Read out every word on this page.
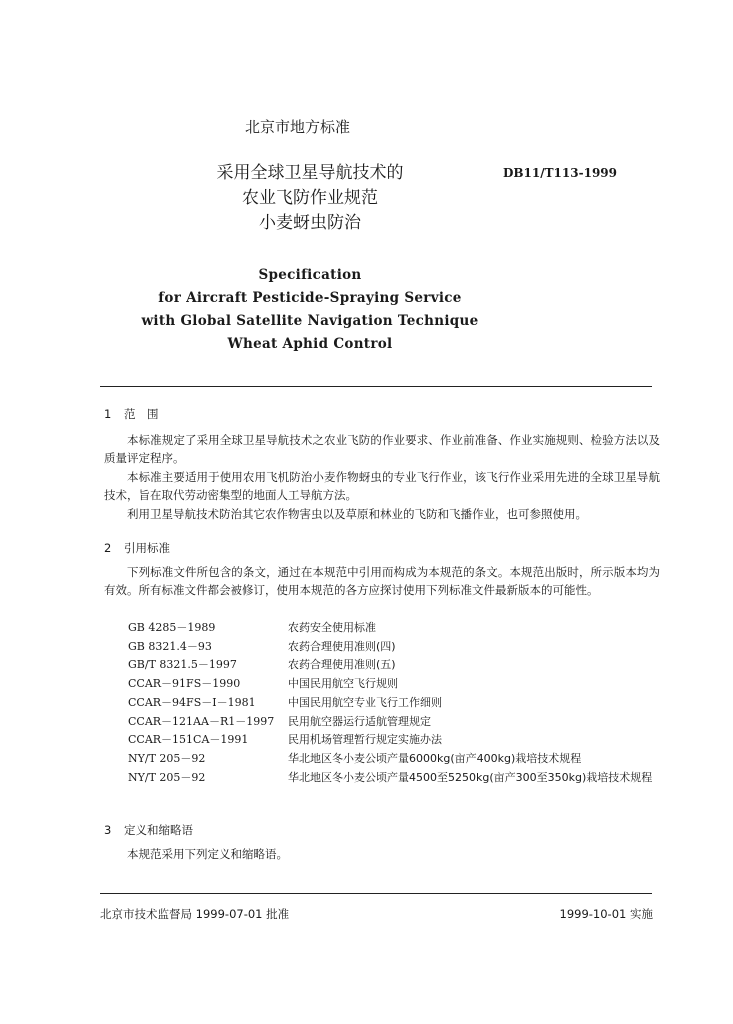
北京市地方标准
采用全球卫星导航技术的
农业飞防作业规范
小麦蚜虫防治
DB11/T113-1999
Specification
for Aircraft Pesticide-Spraying Service
with Global Satellite Navigation Technique
Wheat Aphid Control
1 范　围
本标准规定了采用全球卫星导航技术之农业飞防的作业要求、作业前准备、作业实施规则、检验方法以及质量评定程序。
本标准主要适用于使用农用飞机防治小麦作物蚜虫的专业飞行作业，该飞行作业采用先进的全球卫星导航技术，旨在取代劳动密集型的地面人工导航方法。
利用卫星导航技术防治其它农作物害虫以及草原和林业的飞防和飞播作业，也可参照使用。
2 引用标准
下列标准文件所包含的条文，通过在本规范中引用而构成为本规范的条文。本规范出版时，所示版本均为有效。所有标准文件都会被修订，使用本规范的各方应探讨使用下列标准文件最新版本的可能性。
GB 4285－1989	农药安全使用标准
GB 8321.4－93	农药合理使用准则(四)
GB/T 8321.5－1997	农药合理使用准则(五)
CCAR－91FS－1990	中国民用航空飞行规则
CCAR－94FS－Ⅰ－1981	中国民用航空专业飞行工作细则
CCAR－121AA－R1－1997	民用航空器运行适航管理规定
CCAR－151CA－1991	民用机场管理暂行规定实施办法
NY/T 205－92	华北地区冬小麦公顷产量6000kg(亩产400kg)栽培技术规程
NY/T 205－92	华北地区冬小麦公顷产量4500至5250kg(亩产300至350kg)栽培技术规程
3 定义和缩略语
本规范采用下列定义和缩略语。
北京市技术监督局 1999-07-01 批准	1999-10-01 实施
